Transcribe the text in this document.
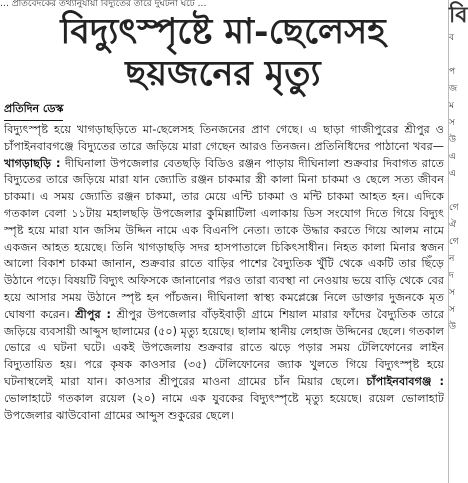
… প্রতিবেদকের তথ্যানুযায়ী বিদ্যুতের তারে দুর্ঘটনা ঘটে …
বিদ্যুৎস্পৃষ্টে মা-ছেলেসহ
ছয়জনের মৃত্যু
প্রতিদিন ডেস্ক
বিদ্যুৎস্পৃষ্ট হয়ে খাগড়াছড়িতে মা-ছেলেসহ তিনজনের প্রাণ গেছে। এ ছাড়া গাজীপুরের শ্রীপুর ও চাঁপাইনবাবগঞ্জে বিদ্যুতের তারে জড়িয়ে মারা গেছেন আরও তিনজন। প্রতিনিধিদের পাঠানো খবর—খাগড়াছড়ি : দীঘিনালা উপজেলার বেতছড়ি বিডিও রঞ্জন পাড়ায় দীঘিনালা শুক্রবার দিবাগত রাতে বিদ্যুতের তারে জড়িয়ে মারা যান জ্যোতি রঞ্জন চাকমার স্ত্রী কালা মিনা চাকমা ও ছেলে সত্য জীবন চাকমা। এ সময় জ্যোতি রঞ্জন চাকমা, তার মেয়ে এন্টি চাকমা ও মন্টি চাকমা আহত হন। এদিকে গতকাল বেলা ১১টায় মহালছড়ি উপজেলার কুমিল্লাটিলা এলাকায় ডিস সংযোগ দিতে গিয়ে বিদ্যুৎ স্পৃষ্ট হয়ে মারা যান জসিম উদ্দিন নামে এক বিএনপি নেতা। তাকে উদ্ধার করতে গিয়ে আলম নামে একজন আহত হয়েছে। তিনি খাগড়াছড়ি সদর হাসপাতালে চিকিৎসাধীন। নিহত কালা মিনার স্বজন আলো বিকাশ চাকমা জানান, শুক্রবার রাতে বাড়ির পাশের বৈদ্যুতিক খুঁটি থেকে একটি তার ছিঁড়ে উঠানে পড়ে। বিষয়টি বিদ্যুৎ অফিসকে জানানোর পরও তারা ব্যবস্থা না নেওয়ায় ভয়ে বাড়ি থেকে বের হয়ে আসার সময় উঠানে স্পৃষ্ট হন পাঁচজন। দীঘিনালা স্বাস্থ্য কমপ্লেক্সে নিলে ডাক্তার দুজনকে মৃত ঘোষণা করেন। শ্রীপুর : শ্রীপুর উপজেলার বাঁড়ইবাড়ী গ্রামে শিয়াল মারার ফাঁদের বৈদ্যুতিক তারে জড়িয়ে ব্যবসায়ী আব্দুস ছালামের (৫০) মৃত্যু হয়েছে। ছালাম স্থানীয় লেহাজ উদ্দিনের ছেলে। গতকাল ভোরে এ ঘটনা ঘটে। একই উপজেলায় শুক্রবার রাতে ঝড়ে পড়ার সময় টেলিফোনের লাইন বিদ্যুতায়িত হয়। পরে কৃষক কাওসার (৩৫) টেলিফোনের জ্যাক খুলতে গিয়ে বিদ্যুৎস্পৃষ্ট হয়ে ঘটনাস্থলেই মারা যান। কাওসার শ্রীপুরের মাওনা গ্রামের চাঁন মিয়ার ছেলে। চাঁপাইনবাবগঞ্জ : ভোলাহাটে গতকাল রয়েল (২০) নামে এক যুবকের বিদ্যুৎস্পৃষ্টে মৃত্যু হয়েছে। রয়েল ভোলাহাট উপজেলার ঝাউবোনা গ্রামের আব্দুস শুকুরের ছেলে।
বি
ব
প
জ
ম
স
উ
এ
এ
গে
ঐ
গে
ন
দ
স
স
উ
